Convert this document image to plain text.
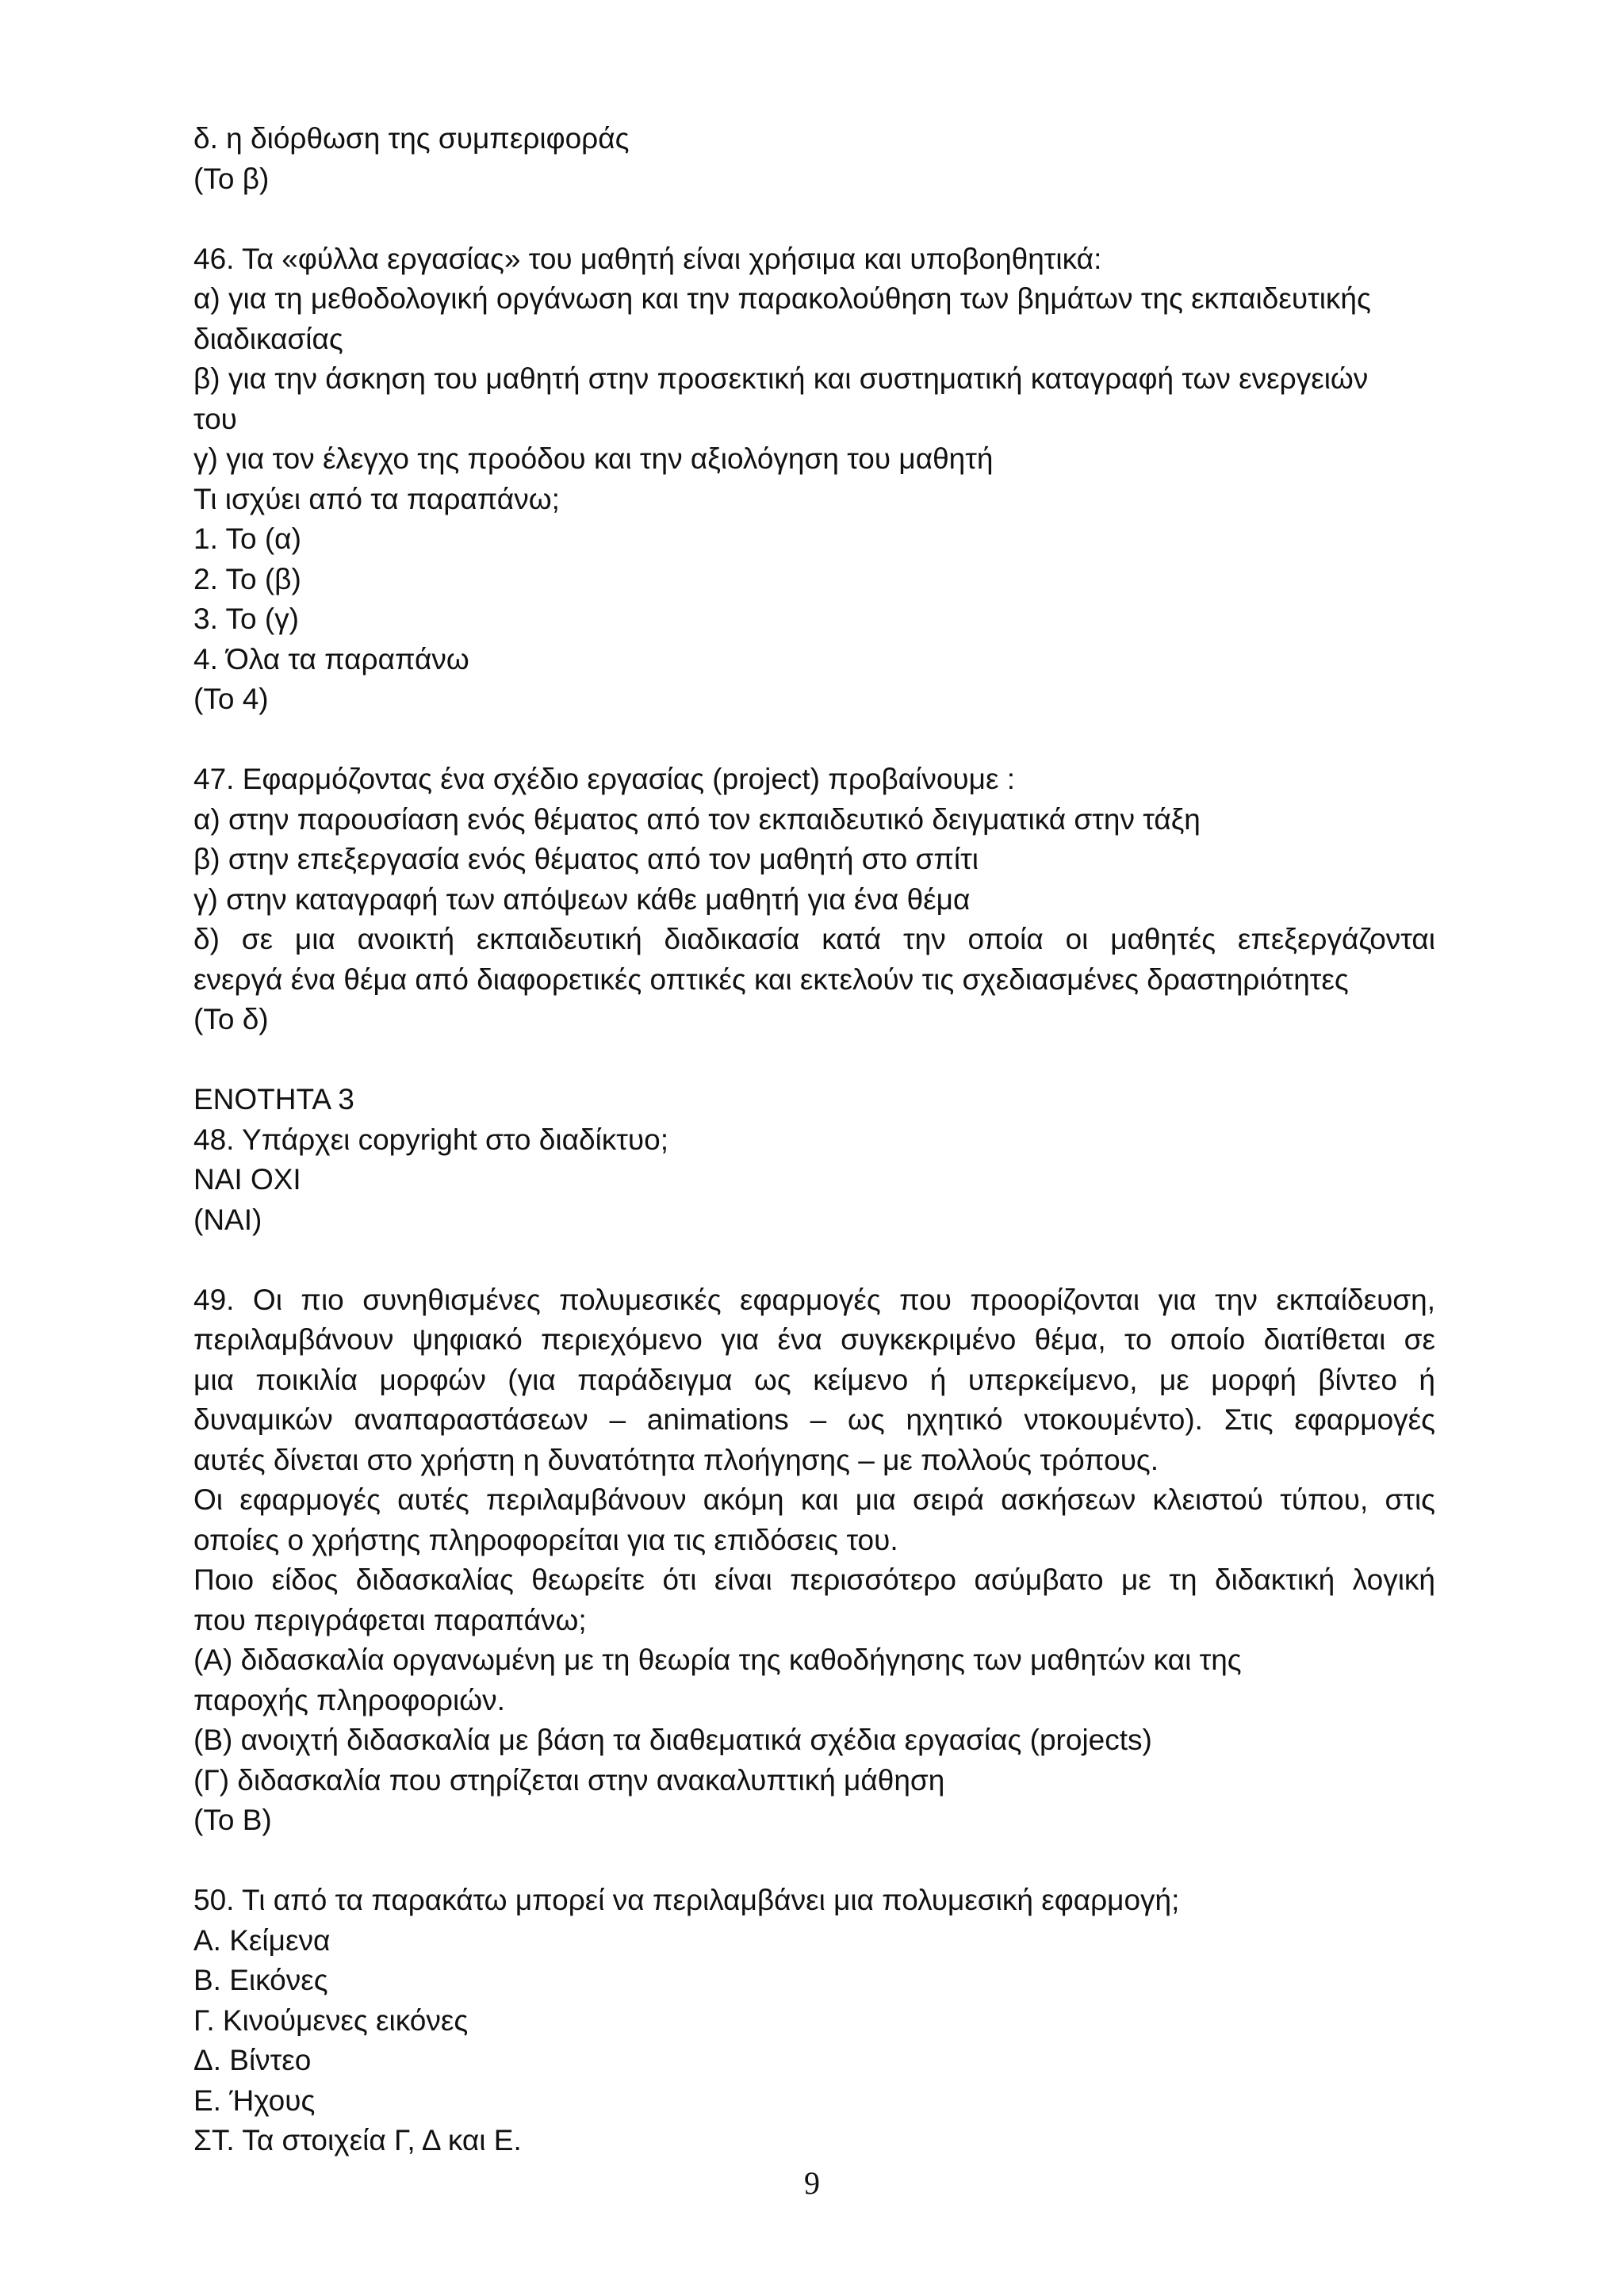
δ. η διόρθωση της συμπεριφοράς
(Το β)
46. Τα «φύλλα εργασίας» του μαθητή είναι χρήσιμα και υποβοηθητικά:
α) για τη μεθοδολογική οργάνωση και την παρακολούθηση των βημάτων της εκπαιδευτικής
διαδικασίας
β) για την άσκηση του μαθητή στην προσεκτική και συστηματική καταγραφή των ενεργειών
του
γ) για τον έλεγχο της προόδου και την αξιολόγηση του μαθητή
Τι ισχύει από τα παραπάνω;
1. Το (α)
2. Το (β)
3. Το (γ)
4. Όλα τα παραπάνω
(Το 4)
47. Εφαρμόζοντας ένα σχέδιο εργασίας (project) προβαίνουμε :
α) στην παρουσίαση ενός θέματος από τον εκπαιδευτικό δειγματικά στην τάξη
β) στην επεξεργασία ενός θέματος από τον μαθητή στο σπίτι
γ) στην καταγραφή των απόψεων κάθε μαθητή για ένα θέμα
δ) σε μια ανοικτή εκπαιδευτική διαδικασία κατά την οποία οι μαθητές επεξεργάζονται
ενεργά ένα θέμα από διαφορετικές οπτικές και εκτελούν τις σχεδιασμένες δραστηριότητες
(Το δ)
ΕΝΟΤΗΤΑ 3
48. Υπάρχει copyright στο διαδίκτυο;
ΝΑΙ ΟΧΙ
(ΝΑΙ)
49. Οι πιο συνηθισμένες πολυμεσικές εφαρμογές που προορίζονται για την εκπαίδευση,
περιλαμβάνουν ψηφιακό περιεχόμενο για ένα συγκεκριμένο θέμα, το οποίο διατίθεται σε
μια ποικιλία μορφών (για παράδειγμα ως κείμενο ή υπερκείμενο, με μορφή βίντεο ή
δυναμικών αναπαραστάσεων – animations – ως ηχητικό ντοκουμέντο). Στις εφαρμογές
αυτές δίνεται στο χρήστη η δυνατότητα πλοήγησης – με πολλούς τρόπους.
Οι εφαρμογές αυτές περιλαμβάνουν ακόμη και μια σειρά ασκήσεων κλειστού τύπου, στις
οποίες ο χρήστης πληροφορείται για τις επιδόσεις του.
Ποιο είδος διδασκαλίας θεωρείτε ότι είναι περισσότερο ασύμβατο με τη διδακτική λογική
που περιγράφεται παραπάνω;
(Α) διδασκαλία οργανωμένη με τη θεωρία της καθοδήγησης των μαθητών και της
παροχής πληροφοριών.
(Β) ανοιχτή διδασκαλία με βάση τα διαθεματικά σχέδια εργασίας (projects)
(Γ) διδασκαλία που στηρίζεται στην ανακαλυπτική μάθηση
(Το Β)
50. Τι από τα παρακάτω μπορεί να περιλαμβάνει μια πολυμεσική εφαρμογή;
Α. Κείμενα
Β. Εικόνες
Γ. Κινούμενες εικόνες
Δ. Βίντεο
Ε. Ήχους
ΣΤ. Τα στοιχεία Γ, Δ και Ε.
9
